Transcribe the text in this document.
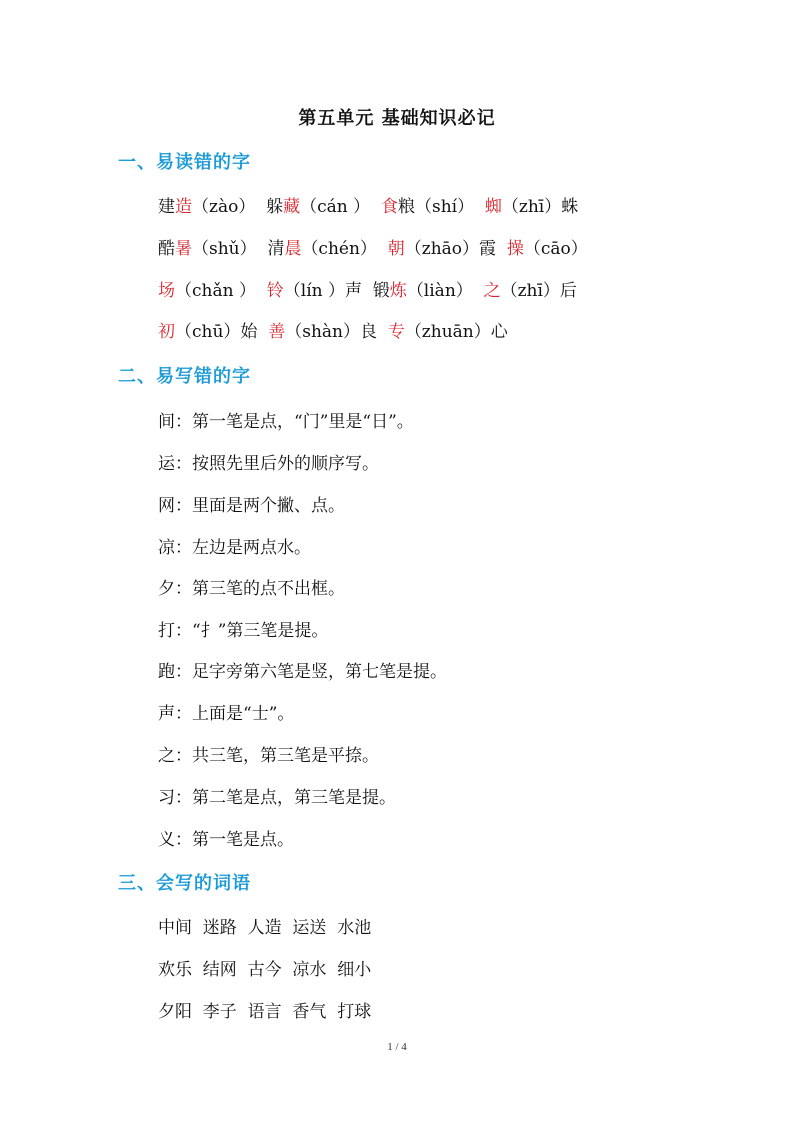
第五单元 基础知识必记
一、易读错的字
建造（zào）  躲藏（cán ）  食粮（shí）  蜘（zhī）蛛
酷暑（shǔ）  清晨（chén）  朝（zhāo）霞  操（cāo）
场（chǎn ）  铃（lín ）声  锻炼（liàn）  之（zhī）后
初（chū）始  善（shàn）良  专（zhuān）心
二、易写错的字
间：第一笔是点，“门”里是“日”。
运：按照先里后外的顺序写。
网：里面是两个撇、点。
凉：左边是两点水。
夕：第三笔的点不出框。
打：“扌”第三笔是提。
跑：足字旁第六笔是竖，第七笔是提。
声：上面是“士”。
之：共三笔，第三笔是平捺。
习：第二笔是点，第三笔是提。
义：第一笔是点。
三、会写的词语
中间  迷路  人造  运送  水池
欢乐  结网  古今  凉水  细小
夕阳  李子  语言  香气  打球
1 / 4
